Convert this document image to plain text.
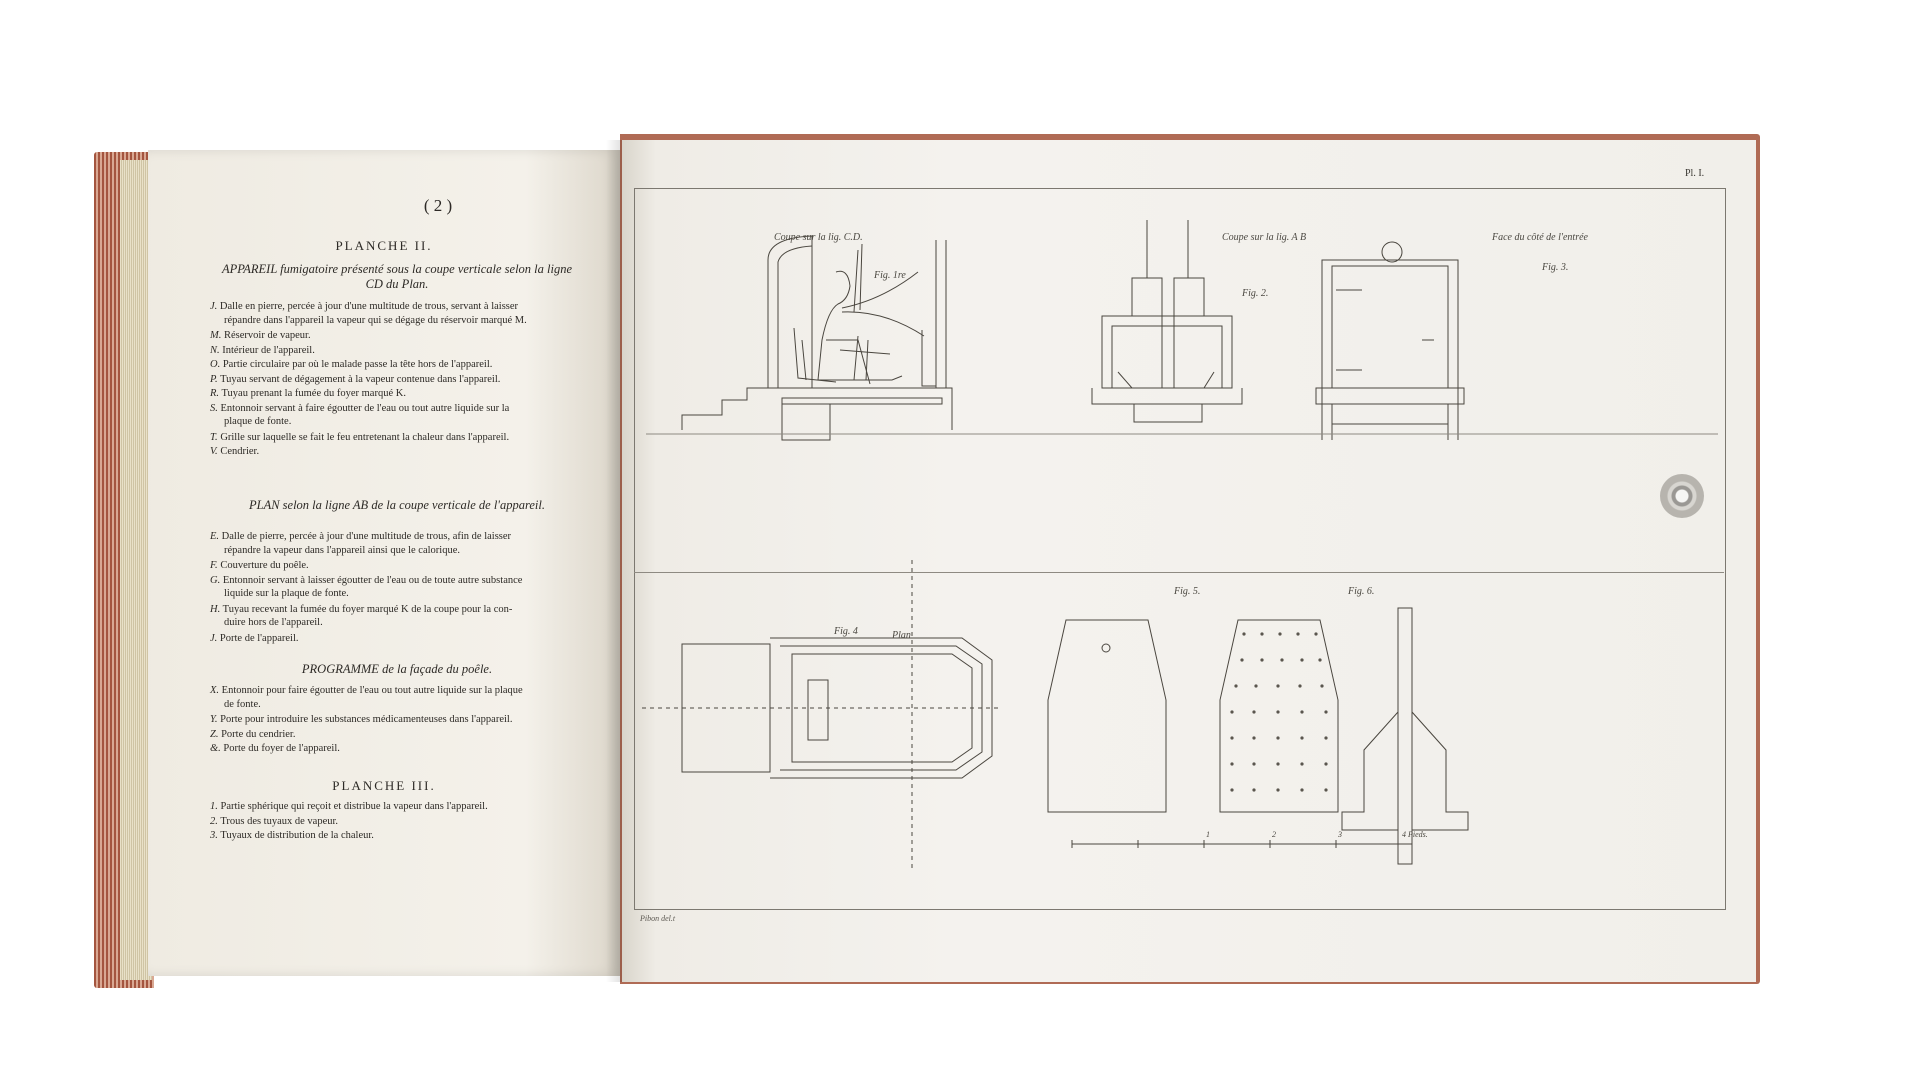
( 2 )
PLANCHE II.
APPAREIL fumigatoire présenté sous la coupe verticale selon la ligne CD du Plan.
J. Dalle en pierre, percée à jour d'une multitude de trous, servant à laisser
répandre dans l'appareil la vapeur qui se dégage du réservoir marqué M.
M. Réservoir de vapeur.
N. Intérieur de l'appareil.
O. Partie circulaire par où le malade passe la tête hors de l'appareil.
P. Tuyau servant de dégagement à la vapeur contenue dans l'appareil.
R. Tuyau prenant la fumée du foyer marqué K.
S. Entonnoir servant à faire égoutter de l'eau ou tout autre liquide sur la
plaque de fonte.
T. Grille sur laquelle se fait le feu entretenant la chaleur dans l'appareil.
V. Cendrier.
PLAN selon la ligne AB de la coupe verticale de l'appareil.
E. Dalle de pierre, percée à jour d'une multitude de trous, afin de laisser
répandre la vapeur dans l'appareil ainsi que le calorique.
F. Couverture du poêle.
G. Entonnoir servant à laisser égoutter de l'eau ou de toute autre substance
liquide sur la plaque de fonte.
H. Tuyau recevant la fumée du foyer marqué K de la coupe pour la con-
duire hors de l'appareil.
J. Porte de l'appareil.
PROGRAMME de la façade du poêle.
X. Entonnoir pour faire égoutter de l'eau ou tout autre liquide sur la plaque
de fonte.
Y. Porte pour introduire les substances médicamenteuses dans l'appareil.
Z. Porte du cendrier.
&. Porte du foyer de l'appareil.
PLANCHE III.
1. Partie sphérique qui reçoit et distribue la vapeur dans l'appareil.
2. Trous des tuyaux de vapeur.
3. Tuyaux de distribution de la chaleur.
Pl. I.
Coupe sur la lig. C.D.	Coupe sur la lig. A B	Face du côté de l'entrée
Fig. 1re
Fig. 2.
Fig. 3.
Fig. 4	Plan
Fig. 5.	Fig. 6.
1	2	3	4 Pieds.
Pibon del.t
